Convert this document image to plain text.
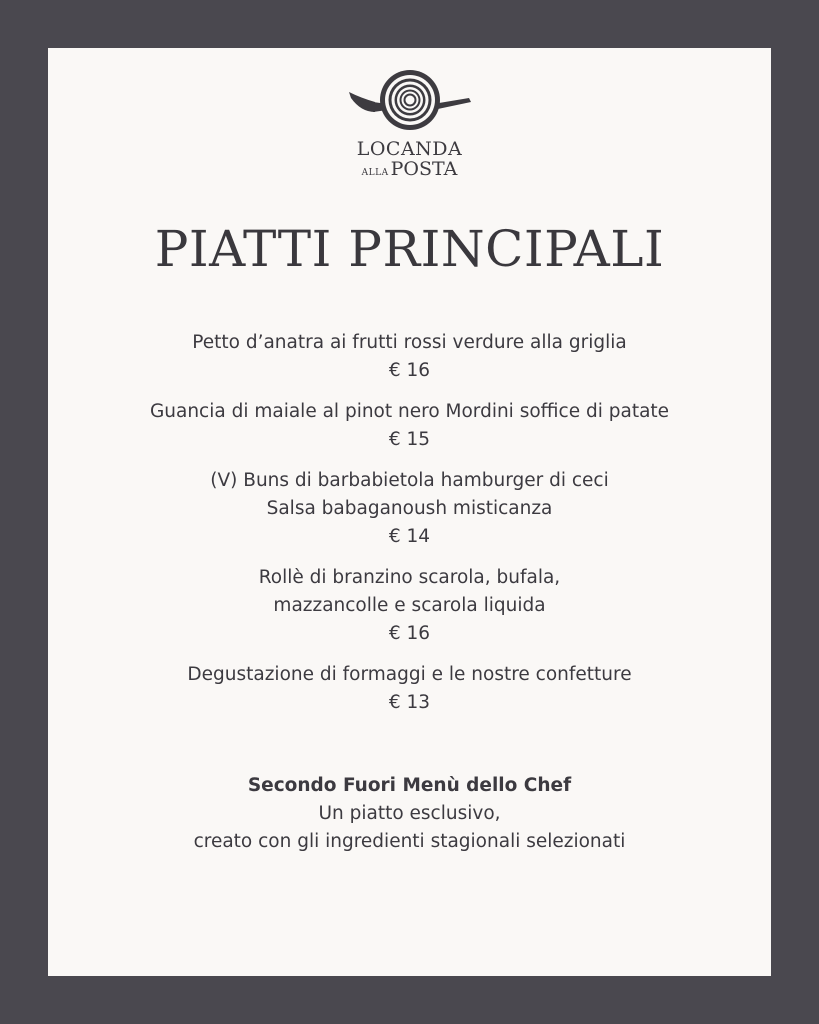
LOCANDA
ALLA POSTA
PIATTI PRINCIPALI
Petto d’anatra ai frutti rossi verdure alla griglia
€ 16
Guancia di maiale al pinot nero Mordini soffice di patate
€ 15
(V) Buns di barbabietola hamburger di ceci
Salsa babaganoush misticanza
€ 14
Rollè di branzino scarola, bufala,
mazzancolle e scarola liquida
€ 16
Degustazione di formaggi e le nostre confetture
€ 13
Secondo Fuori Menù dello Chef
Un piatto esclusivo,
creato con gli ingredienti stagionali selezionati
